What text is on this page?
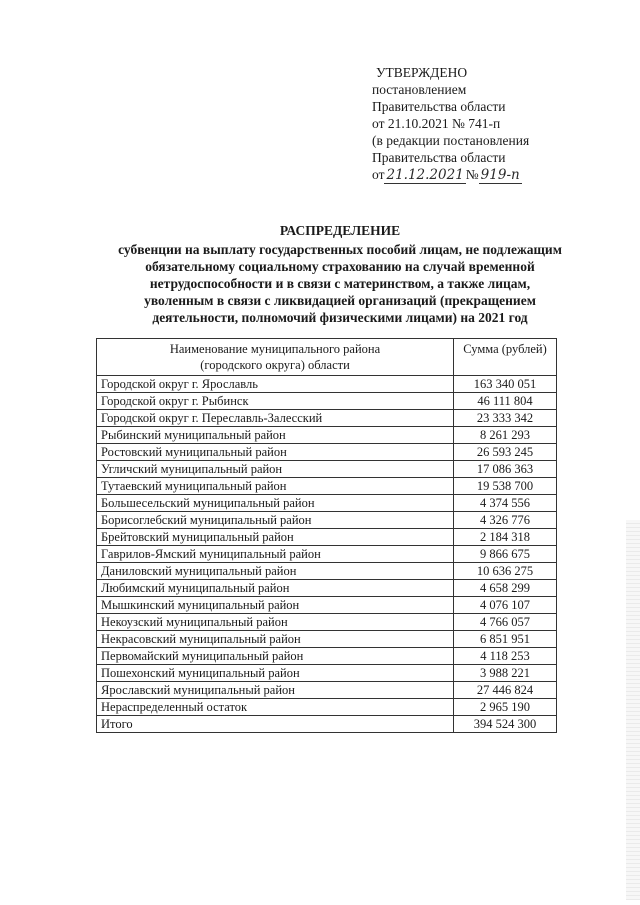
УТВЕРЖДЕНО
постановлением
Правительства области
от 21.10.2021 № 741-п
(в редакции постановления
Правительства области
от 21.12.2021 № 919-п
РАСПРЕДЕЛЕНИЕ
субвенции на выплату государственных пособий лицам, не подлежащим
обязательному социальному страхованию на случай временной
нетрудоспособности и в связи с материнством, а также лицам,
уволенным в связи с ликвидацией организаций (прекращением
деятельности, полномочий физическими лицами) на 2021 год
Наименование муниципального района
(городского округа) области	Сумма (рублей)
Городской округ г. Ярославль	163 340 051
Городской округ г. Рыбинск	46 111 804
Городской округ г. Переславль-Залесский	23 333 342
Рыбинский муниципальный район	8 261 293
Ростовский муниципальный район	26 593 245
Угличский муниципальный район	17 086 363
Тутаевский муниципальный район	19 538 700
Большесельский муниципальный район	4 374 556
Борисоглебский муниципальный район	4 326 776
Брейтовский муниципальный район	2 184 318
Гаврилов-Ямский муниципальный район	9 866 675
Даниловский муниципальный район	10 636 275
Любимский муниципальный район	4 658 299
Мышкинский муниципальный район	4 076 107
Некоузский муниципальный район	4 766 057
Некрасовский муниципальный район	6 851 951
Первомайский муниципальный район	4 118 253
Пошехонский муниципальный район	3 988 221
Ярославский муниципальный район	27 446 824
Нераспределенный остаток	2 965 190
Итого	394 524 300
